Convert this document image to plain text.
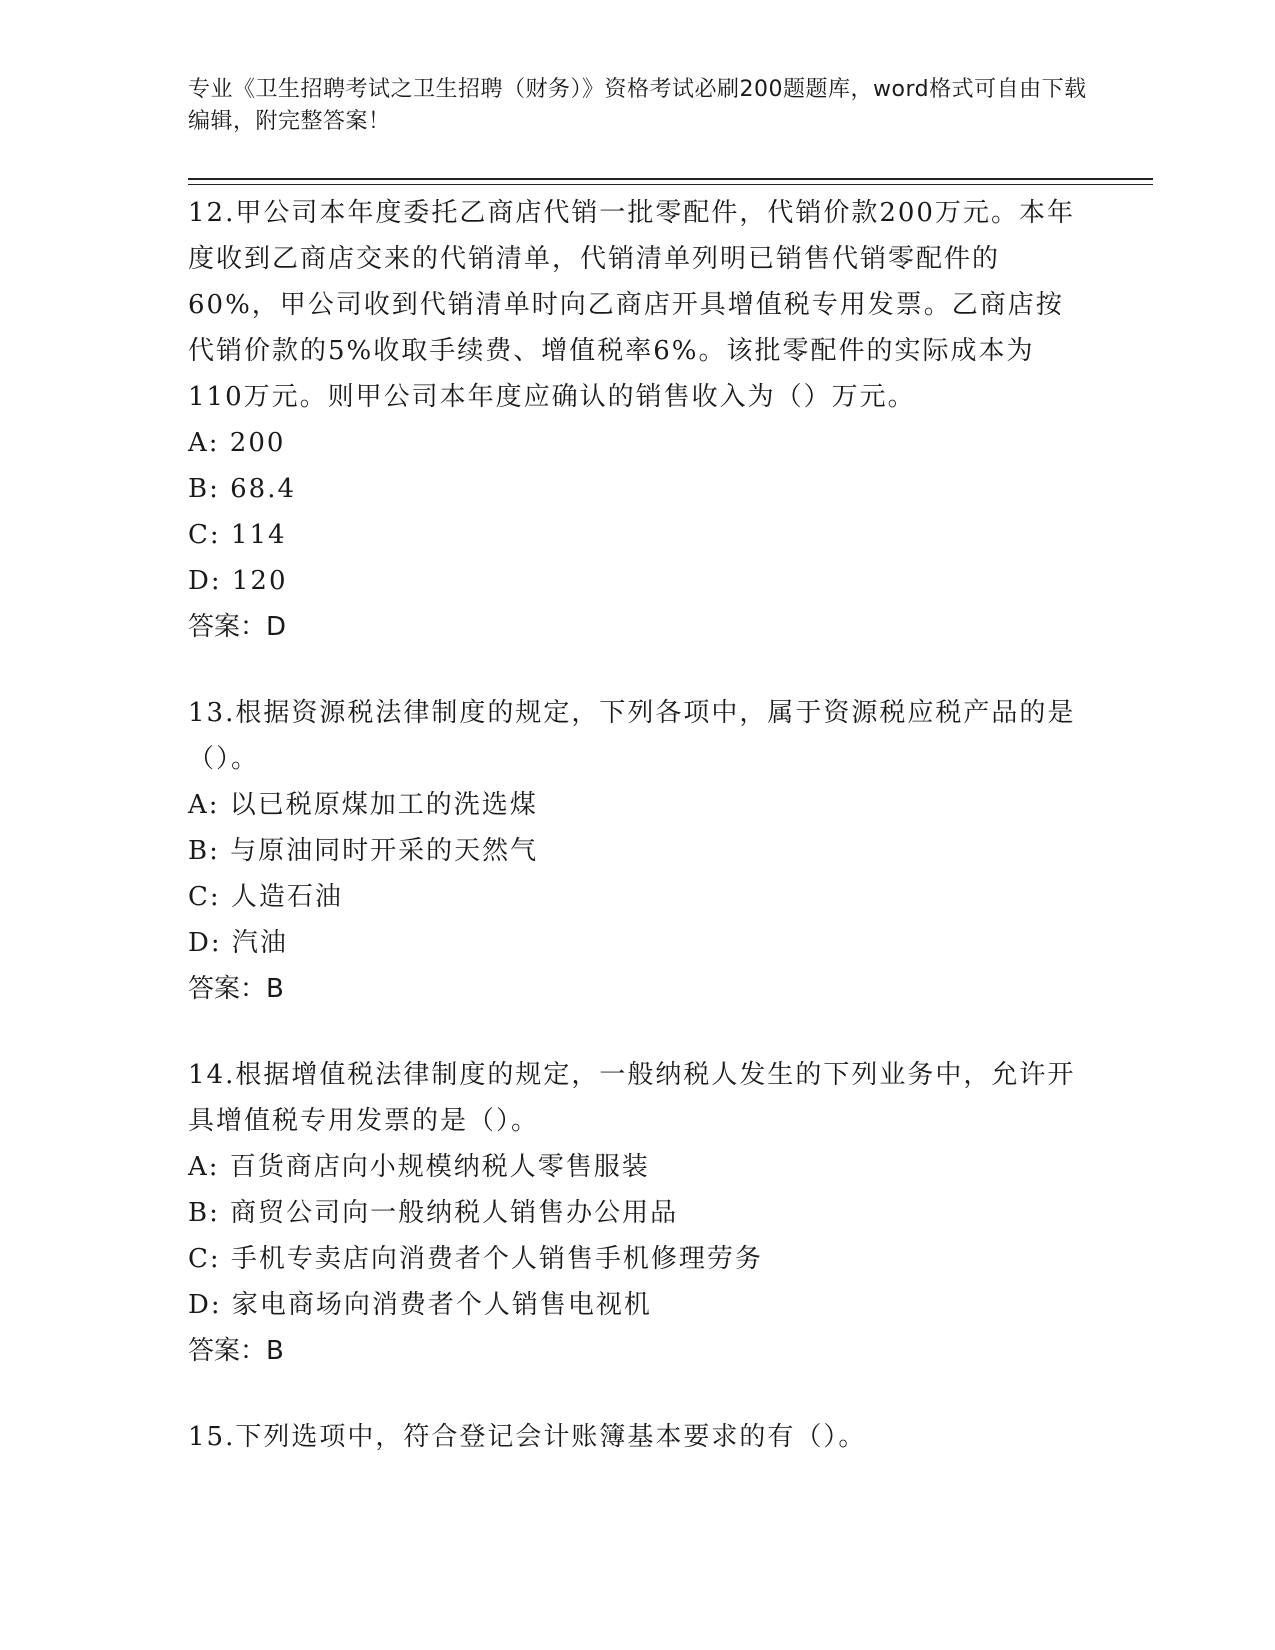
专业《卫生招聘考试之卫生招聘（财务）》资格考试必刷200题题库，word格式可自由下载编辑，附完整答案！

12.甲公司本年度委托乙商店代销一批零配件，代销价款200万元。本年度收到乙商店交来的代销清单，代销清单列明已销售代销零配件的60%，甲公司收到代销清单时向乙商店开具增值税专用发票。乙商店按代销价款的5%收取手续费、增值税率6%。该批零配件的实际成本为110万元。则甲公司本年度应确认的销售收入为（）万元。

A: 200

B: 68.4

C: 114

D: 120

答案：D

13.根据资源税法律制度的规定，下列各项中，属于资源税应税产品的是（）。

A: 以已税原煤加工的洗选煤

B: 与原油同时开采的天然气

C: 人造石油

D: 汽油

答案：B

14.根据增值税法律制度的规定，一般纳税人发生的下列业务中，允许开具增值税专用发票的是（）。

A: 百货商店向小规模纳税人零售服装

B: 商贸公司向一般纳税人销售办公用品

C: 手机专卖店向消费者个人销售手机修理劳务

D: 家电商场向消费者个人销售电视机

答案：B

15.下列选项中，符合登记会计账簿基本要求的有（）。
